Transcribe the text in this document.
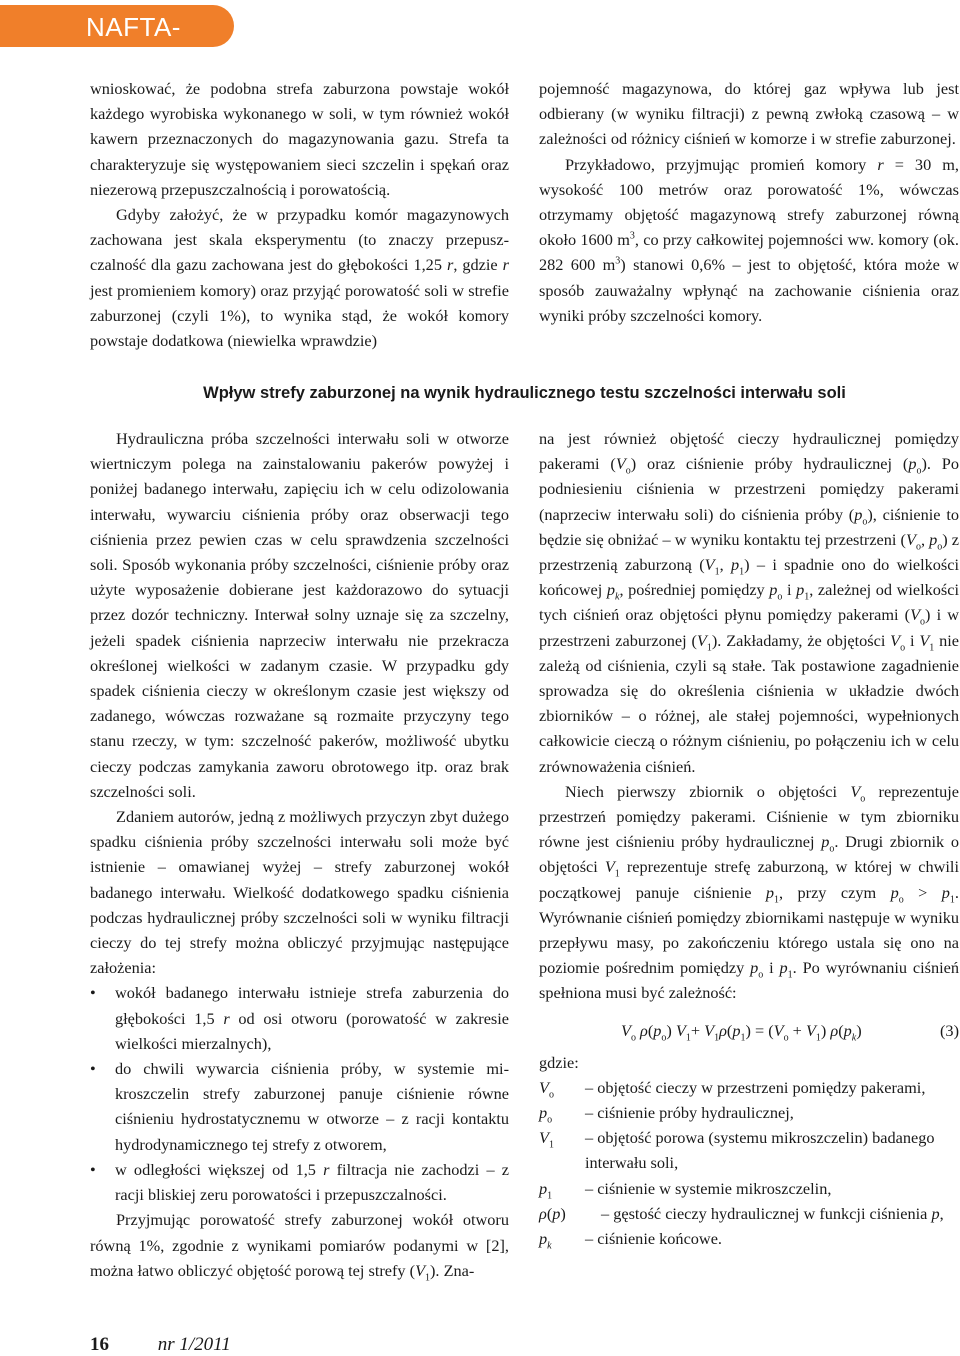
NAFTA-GAZ

wnioskować, że podobna strefa zaburzona powstaje wokół każdego wyrobiska wykonanego w soli, w tym również wokół kawern przeznaczonych do magazynowania gazu. Strefa ta charakteryzuje się występowaniem sieci szczelin i spękań oraz niezerową przepuszczalnością i porowatością.

Gdyby założyć, że w przypadku komór magazynowych zachowana jest skala eksperymentu (to znaczy przepuszczalność dla gazu zachowana jest do głębokości 1,25 r, gdzie r jest promieniem komory) oraz przyjąć porowatość soli w strefie zaburzonej (czyli 1%), to wynika stąd, że wokół komory powstaje dodatkowa (niewielka wprawdzie)

pojemność magazynowa, do której gaz wpływa lub jest odbierany (w wyniku filtracji) z pewną zwłoką czasową – w zależności od różnicy ciśnień w komorze i w strefie zaburzonej.

Przykładowo, przyjmując promień komory r = 30 m, wysokość 100 metrów oraz porowatość 1%, wówczas otrzymamy objętość magazynową strefy zaburzonej równą około 1600 $m^3$, co przy całkowitej pojemności ww. komory (ok. 282 600 $m^3$) stanowi 0,6% – jest to objętość, która może w sposób zauważalny wpłynąć na zachowanie ciśnienia oraz wyniki próby szczelności komory.

Wpływ strefy zaburzonej na wynik hydraulicznego testu szczelności interwału soli

Hydrauliczna próba szczelności interwału soli w otworze wiertniczym polega na zainstalowaniu pakerów powyżej i poniżej badanego interwału, zapięciu ich w celu odizolowania interwału, wywarciu ciśnienia próby oraz obserwacji tego ciśnienia przez pewien czas w celu sprawdzenia szczelności soli. Sposób wykonania próby szczelności, ciśnienie próby oraz użyte wyposażenie dobierane jest każdorazowo do sytuacji przez dozór techniczny. Interwał solny uznaje się za szczelny, jeżeli spadek ciśnienia naprzeciw interwału nie przekracza określonej wielkości w zadanym czasie. W przypadku gdy spadek ciśnienia cieczy w określonym czasie jest większy od zadanego, wówczas rozważane są rozmaite przyczyny tego stanu rzeczy, w tym: szczelność pakerów, możliwość ubytku cieczy podczas zamykania zaworu obrotowego itp. oraz brak szczelności soli.

Zdaniem autorów, jedną z możliwych przyczyn zbyt dużego spadku ciśnienia próby szczelności interwału soli może być istnienie – omawianej wyżej – strefy zaburzonej wokół badanego interwału. Wielkość dodatkowego spadku ciśnienia podczas hydraulicznej próby szczelności soli w wyniku filtracji cieczy do tej strefy można obliczyć przyjmując następujące założenia:

• wokół badanego interwału istnieje strefa zaburzenia do głębokości 1,5 r od osi otworu (porowatość w zakresie wielkości mierzalnych),
• do chwili wywarcia ciśnienia próby, w systemie mikroszczelin strefy zaburzonej panuje ciśnienie równe ciśnieniu hydrostatycznemu w otworze – z racji kontaktu hydrodynamicznego tej strefy z otworem,
• w odległości większej od 1,5 r filtracja nie zachodzi – z racji bliskiej zeru porowatości i przepuszczalności.

Przyjmując porowatość strefy zaburzonej wokół otworu równą 1%, zgodnie z wynikami pomiarów podanymi w [2], można łatwo obliczyć objętość porową tej strefy $(V_1)$. Zna-

na jest również objętość cieczy hydraulicznej pomiędzy pakerami $(V_o)$ oraz ciśnienie próby hydraulicznej $(p_o)$. Po podniesieniu ciśnienia w przestrzeni pomiędzy pakerami (naprzeciw interwału soli) do ciśnienia próby $(p_o)$, ciśnienie to będzie się obniżać – w wyniku kontaktu tej przestrzeni ($V_o$, $p_o$) z przestrzenią zaburzoną ($V_1$, $p_1$) – i spadnie ono do wielkości końcowej $p_k$, pośredniej pomiędzy $p_o$ i $p_1$, zależnej od wielkości tych ciśnień oraz objętości płynu pomiędzy pakerami $(V_o)$ i w przestrzeni zaburzonej $(V_1)$. Zakładamy, że objętości $V_o$ i $V_1$ nie zależą od ciśnienia, czyli są stałe. Tak postawione zagadnienie sprowadza się do określenia ciśnienia w układzie dwóch zbiorników – o różnej, ale stałej pojemności, wypełnionych całkowicie cieczą o różnym ciśnieniu, po połączeniu ich w celu zrównoważenia ciśnień.

Niech pierwszy zbiornik o objętości $V_o$ reprezentuje przestrzeń pomiędzy pakerami. Ciśnienie w tym zbiorniku równe jest ciśnieniu próby hydraulicznej $p_o$. Drugi zbiornik o objętości $V_1$ reprezentuje strefę zaburzoną, w której w chwili początkowej panuje ciśnienie $p_1$, przy czym $p_o > p_1$. Wyrównanie ciśnień pomiędzy zbiornikami następuje w wyniku przepływu masy, po zakończeniu którego ustala się ono na poziomie pośrednim pomiędzy $p_o$ i $p_1$. Po wyrównaniu ciśnień spełniona musi być zależność:

$V_o$ $\rho(p_o)$ $V_1+ V_1\rho(p_1) = (V_o + V_1)$ $\rho(p_k)$	(3)

gdzie:

$V_o$	– objętość cieczy w przestrzeni pomiędzy pakerami,
$p_o$	– ciśnienie próby hydraulicznej,
$V_1$	– objętość porowa (systemu mikroszczelin) badanego interwału soli,
$p_1$	– ciśnienie w systemie mikroszczelin,
ρ(p)	– gęstość cieczy hydraulicznej w funkcji ciśnienia p,
$p_k$	– ciśnienie końcowe.
16	nr 1/2011
